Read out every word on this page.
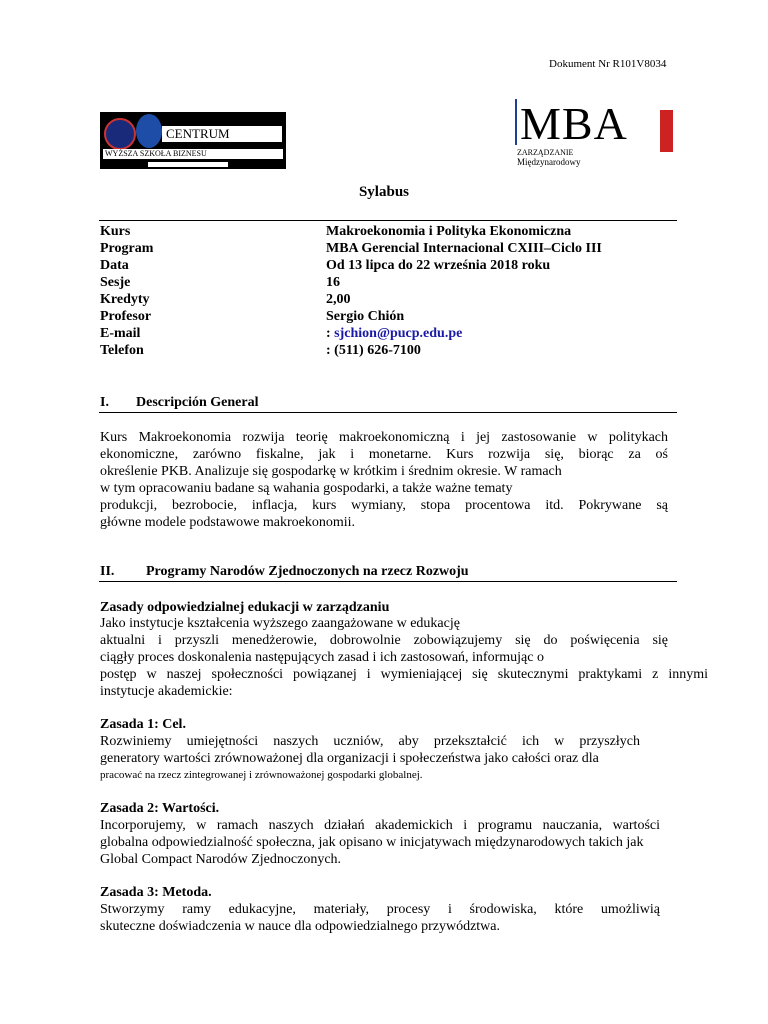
Dokument Nr R101V8034
CENTRUM
WYŻSZA SZKOŁA BIZNESU
MBA
ZARZĄDZANIE
Międzynarodowy
Sylabus
Kurs	Makroekonomia i Polityka Ekonomiczna
Program	MBA Gerencial Internacional CXIII–Ciclo III
Data	Od 13 lipca do 22 września 2018 roku
Sesje	16
Kredyty	2,00
Profesor	Sergio Chión
E-mail	: sjchion@pucp.edu.pe
Telefon	: (511) 626-7100
I. Descripción General
Kurs Makroekonomia rozwija teorię makroekonomiczną i jej zastosowanie w politykach
ekonomiczne, zarówno fiskalne, jak i monetarne. Kurs rozwija się, biorąc za oś
określenie PKB. Analizuje się gospodarkę w krótkim i średnim okresie. W ramach
w tym opracowaniu badane są wahania gospodarki, a także ważne tematy
produkcji, bezrobocie, inflacja, kurs wymiany, stopa procentowa itd. Pokrywane są
główne modele podstawowe makroekonomii.
II. Programy Narodów Zjednoczonych na rzecz Rozwoju
Zasady odpowiedzialnej edukacji w zarządzaniu
Jako instytucje kształcenia wyższego zaangażowane w edukację
aktualni i przyszli menedżerowie, dobrowolnie zobowiązujemy się do poświęcenia się
ciągły proces doskonalenia następujących zasad i ich zastosowań, informując o
postęp w naszej społeczności powiązanej i wymieniającej się skutecznymi praktykami z innymi
instytucje akademickie:
Zasada 1: Cel.
Rozwiniemy umiejętności naszych uczniów, aby przekształcić ich w przyszłych
generatory wartości zrównoważonej dla organizacji i społeczeństwa jako całości oraz dla
pracować na rzecz zintegrowanej i zrównoważonej gospodarki globalnej.
Zasada 2: Wartości.
Incorporujemy, w ramach naszych działań akademickich i programu nauczania, wartości
globalna odpowiedzialność społeczna, jak opisano w inicjatywach międzynarodowych takich jak
Global Compact Narodów Zjednoczonych.
Zasada 3: Metoda.
Stworzymy ramy edukacyjne, materiały, procesy i środowiska, które umożliwią
skuteczne doświadczenia w nauce dla odpowiedzialnego przywództwa.
